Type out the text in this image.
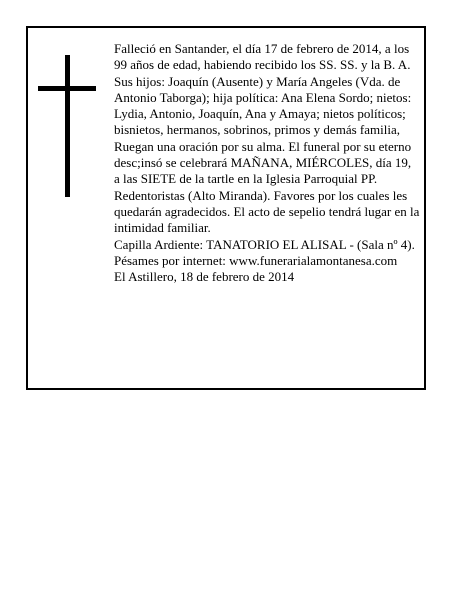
Falleció en Santander, el día 17 de febrero de 2014, a los 99 años de edad, habiendo recibido los SS. SS. y la B. A.

Sus hijos: Joaquín (Ausente) y María Angeles (Vda. de Antonio Taborga); hija política: Ana Elena Sordo; nietos: Lydia, Antonio, Joaquín, Ana y Amaya; nietos políticos; bisnietos, hermanos, sobrinos, primos y demás familia,

Ruegan una oración por su alma. El funeral por su eterno desc;insó se celebrará MAÑANA, MIÉRCOLES, día 19, a las SIETE de la tartle en la Iglesia Parroquial PP. Redentoristas (Alto Miranda). Favores por los cuales les quedarán agradecidos. El acto de sepelio tendrá lugar en la intimidad familiar.

Capilla Ardiente: TANATORIO EL ALISAL - (Sala nº 4).

Pésames por internet: www.funerarialamontanesa.com

El Astillero, 18 de febrero de 2014
